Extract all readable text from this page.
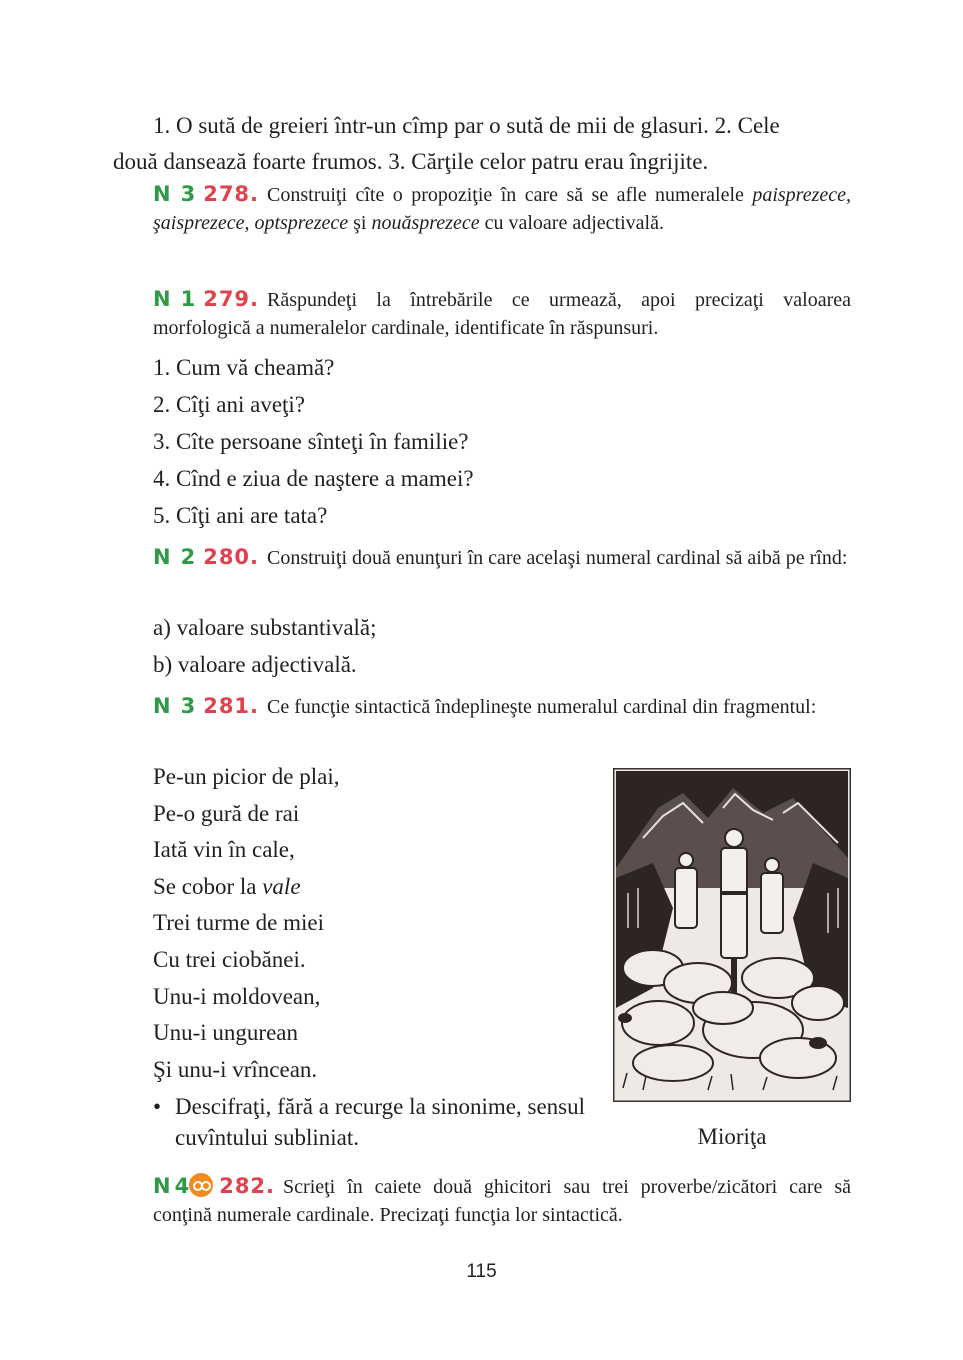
1. O sută de greieri într-un cîmp par o sută de mii de glasuri. 2. Cele
două dansează foarte frumos. 3. Cărţile celor patru erau îngrijite.
N 3 278. Construiţi cîte o propoziţie în care să se afle numeralele paisprezece, şaisprezece, optsprezece şi nouăsprezece cu valoare adjectivală.
N 1 279. Răspundeţi la întrebările ce urmează, apoi precizaţi valoarea morfologică a numeralelor cardinale, identificate în răspunsuri.
1. Cum vă cheamă?
2. Cîţi ani aveţi?
3. Cîte persoane sînteţi în familie?
4. Cînd e ziua de naştere a mamei?
5. Cîţi ani are tata?
N 2 280. Construiţi două enunţuri în care acelaşi numeral cardinal să aibă pe rînd:
a) valoare substantivală;
b) valoare adjectivală.
N 3 281. Ce funcţie sintactică îndeplineşte numeralul cardinal din fragmentul:
Pe-un picior de plai,
Pe-o gură de rai
Iată vin în cale,
Se cobor la vale
Trei turme de miei
Cu trei ciobănei.
Unu-i moldovean,
Unu-i ungurean
Şi unu-i vrîncean.
• Descifraţi, fără a recurge la sinonime, sensul cuvîntului subliniat.	Mioriţa
N4 282. Scrieţi în caiete două ghicitori sau trei proverbe/zicători care să conţină numerale cardinale. Precizaţi funcţia lor sintactică.
115
